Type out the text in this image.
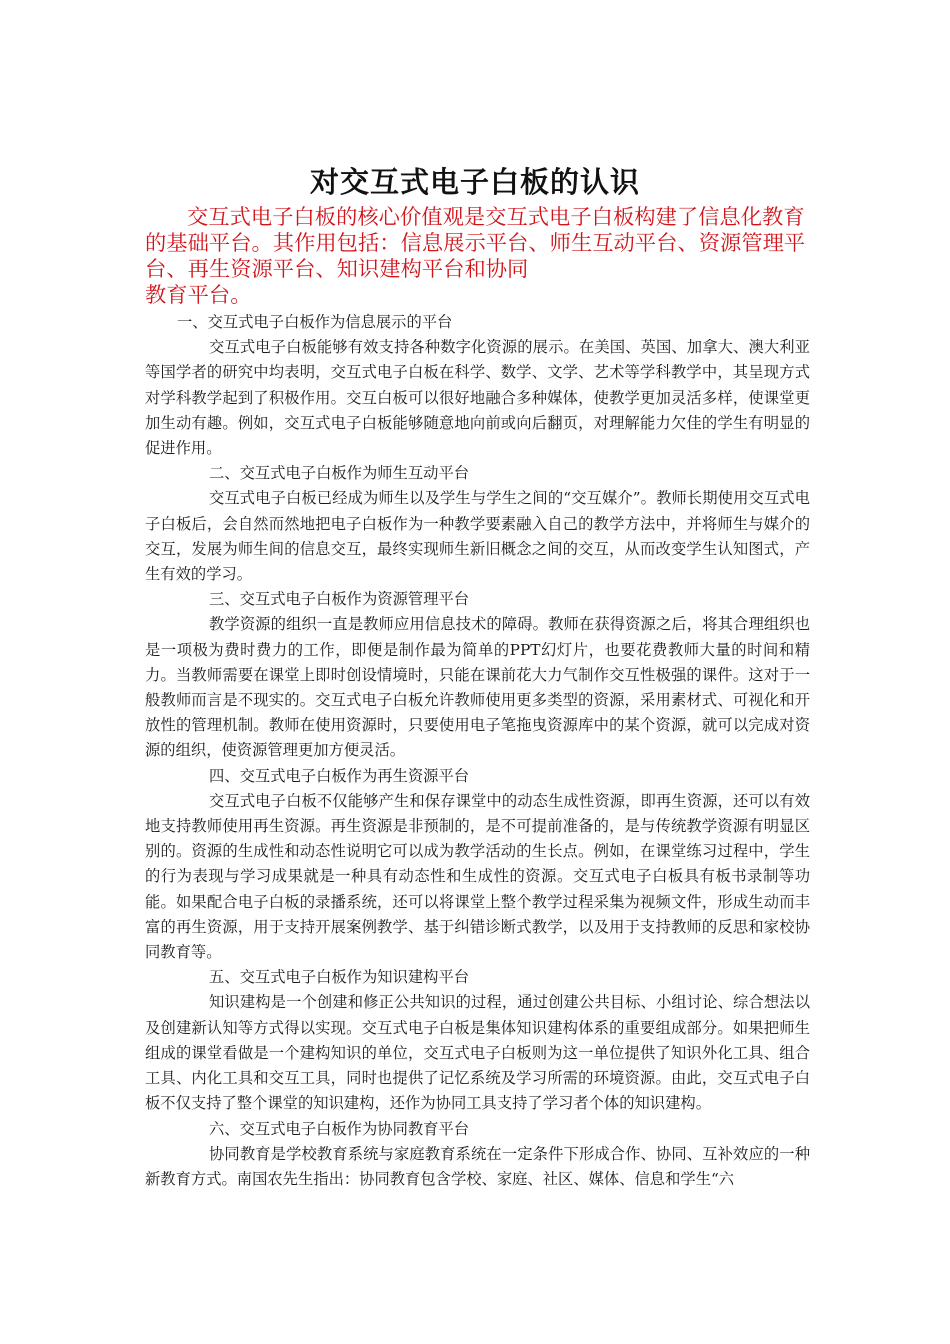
对交互式电子白板的认识

交互式电子白板的核心价值观是交互式电子白板构建了信息化教育的基础平台。其作用包括：信息展示平台、师生互动平台、资源管理平台、再生资源平台、知识建构平台和协同

教育平台。

一、交互式电子白板作为信息展示的平台

交互式电子白板能够有效支持各种数字化资源的展示。在美国、英国、加拿大、澳大利亚等国学者的研究中均表明，交互式电子白板在科学、数学、文学、艺术等学科教学中，其呈现方式对学科教学起到了积极作用。交互白板可以很好地融合多种媒体，使教学更加灵活多样，使课堂更加生动有趣。例如，交互式电子白板能够随意地向前或向后翻页，对理解能力欠佳的学生有明显的促进作用。

二、交互式电子白板作为师生互动平台

交互式电子白板已经成为师生以及学生与学生之间的“交互媒介”。教师长期使用交互式电子白板后，会自然而然地把电子白板作为一种教学要素融入自己的教学方法中，并将师生与媒介的交互，发展为师生间的信息交互，最终实现师生新旧概念之间的交互，从而改变学生认知图式，产生有效的学习。

三、交互式电子白板作为资源管理平台

教学资源的组织一直是教师应用信息技术的障碍。教师在获得资源之后，将其合理组织也是一项极为费时费力的工作，即便是制作最为简单的PPT幻灯片，也要花费教师大量的时间和精力。当教师需要在课堂上即时创设情境时，只能在课前花大力气制作交互性极强的课件。这对于一般教师而言是不现实的。交互式电子白板允许教师使用更多类型的资源，采用素材式、可视化和开放性的管理机制。教师在使用资源时，只要使用电子笔拖曳资源库中的某个资源，就可以完成对资源的组织，使资源管理更加方便灵活。

四、交互式电子白板作为再生资源平台

交互式电子白板不仅能够产生和保存课堂中的动态生成性资源，即再生资源，还可以有效地支持教师使用再生资源。再生资源是非预制的，是不可提前准备的，是与传统教学资源有明显区别的。资源的生成性和动态性说明它可以成为教学活动的生长点。例如，在课堂练习过程中，学生的行为表现与学习成果就是一种具有动态性和生成性的资源。交互式电子白板具有板书录制等功能。如果配合电子白板的录播系统，还可以将课堂上整个教学过程采集为视频文件，形成生动而丰富的再生资源，用于支持开展案例教学、基于纠错诊断式教学，以及用于支持教师的反思和家校协同教育等。

五、交互式电子白板作为知识建构平台

知识建构是一个创建和修正公共知识的过程，通过创建公共目标、小组讨论、综合想法以及创建新认知等方式得以实现。交互式电子白板是集体知识建构体系的重要组成部分。如果把师生组成的课堂看做是一个建构知识的单位，交互式电子白板则为这一单位提供了知识外化工具、组合工具、内化工具和交互工具，同时也提供了记忆系统及学习所需的环境资源。由此，交互式电子白板不仅支持了整个课堂的知识建构，还作为协同工具支持了学习者个体的知识建构。

六、交互式电子白板作为协同教育平台

协同教育是学校教育系统与家庭教育系统在一定条件下形成合作、协同、互补效应的一种新教育方式。南国农先生指出：协同教育包含学校、家庭、社区、媒体、信息和学生“六
